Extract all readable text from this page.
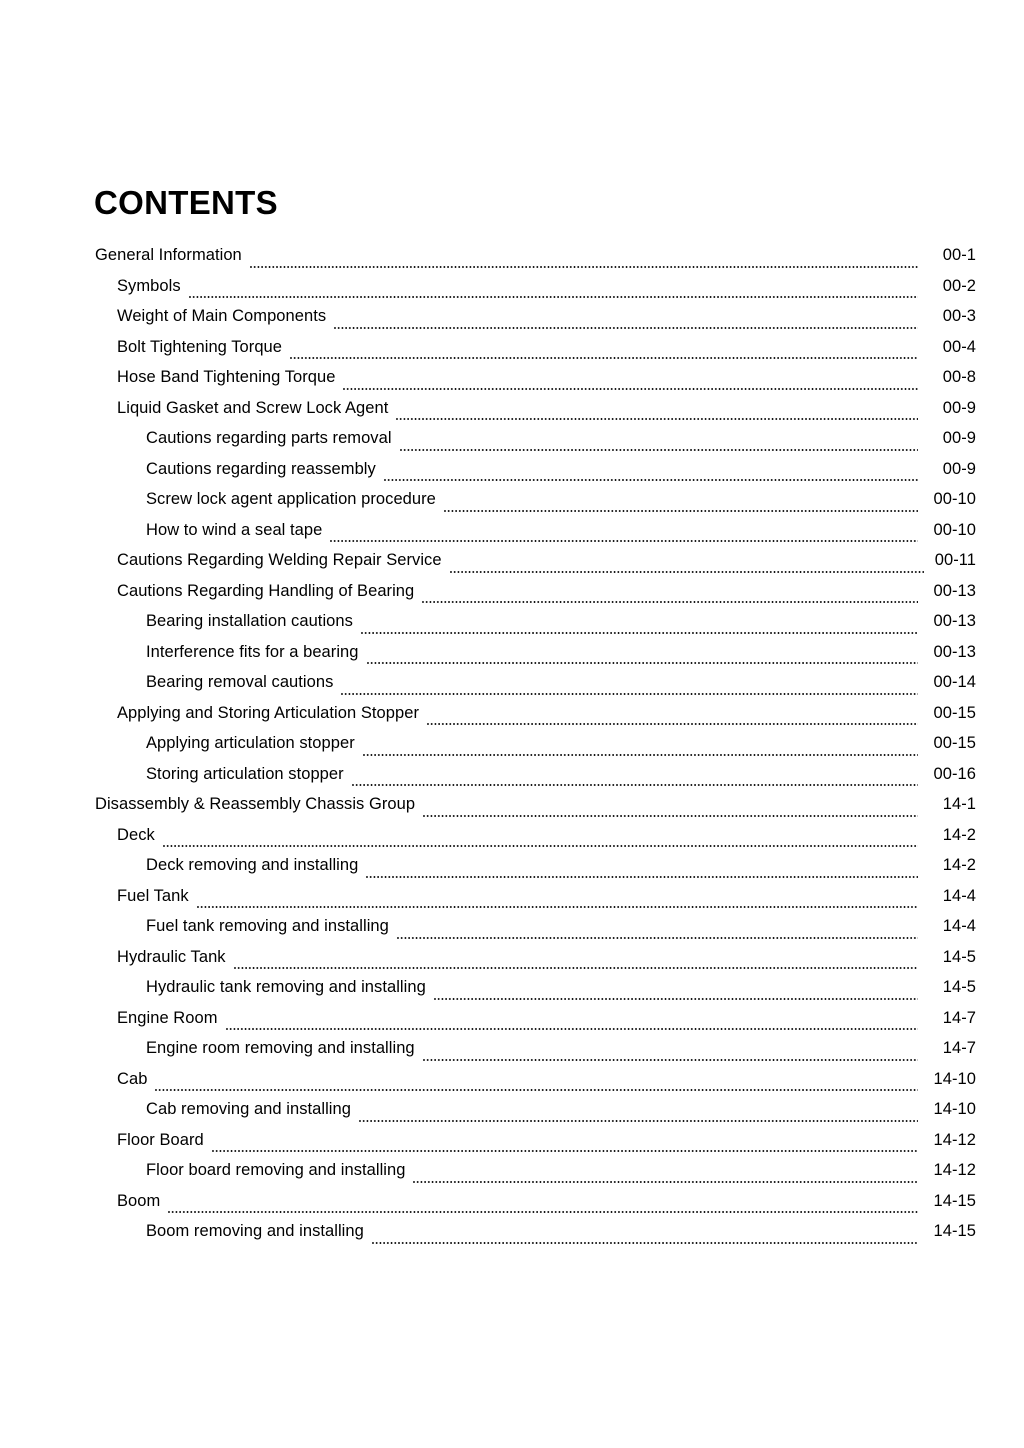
CONTENTS
General Information	00-1
Symbols	00-2
Weight of Main Components	00-3
Bolt Tightening Torque	00-4
Hose Band Tightening Torque	00-8
Liquid Gasket and Screw Lock Agent	00-9
Cautions regarding parts removal	00-9
Cautions regarding reassembly	00-9
Screw lock agent application procedure	00-10
How to wind a seal tape	00-10
Cautions Regarding Welding Repair Service	00-11
Cautions Regarding Handling of Bearing	00-13
Bearing installation cautions	00-13
Interference fits for a bearing	00-13
Bearing removal cautions	00-14
Applying and Storing Articulation Stopper	00-15
Applying articulation stopper	00-15
Storing articulation stopper	00-16
Disassembly & Reassembly Chassis Group	14-1
Deck	14-2
Deck removing and installing	14-2
Fuel Tank	14-4
Fuel tank removing and installing	14-4
Hydraulic Tank	14-5
Hydraulic tank removing and installing	14-5
Engine Room	14-7
Engine room removing and installing	14-7
Cab	14-10
Cab removing and installing	14-10
Floor Board	14-12
Floor board removing and installing	14-12
Boom	14-15
Boom removing and installing	14-15
